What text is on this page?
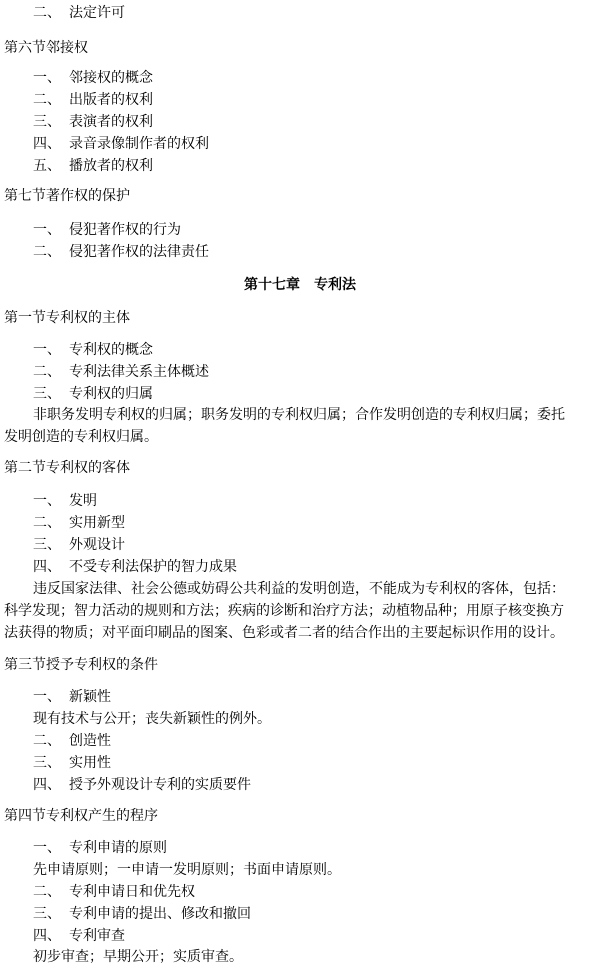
二、 法定许可
第六节邻接权
一、 邻接权的概念
二、 出版者的权利
三、 表演者的权利
四、 录音录像制作者的权利
五、 播放者的权利
第七节著作权的保护
一、 侵犯著作权的行为
二、 侵犯著作权的法律责任
第十七章　专利法
第一节专利权的主体
一、 专利权的概念
二、 专利法律关系主体概述
三、 专利权的归属
非职务发明专利权的归属；职务发明的专利权归属；合作发明创造的专利权归属；委托
发明创造的专利权归属。
第二节专利权的客体
一、 发明
二、 实用新型
三、 外观设计
四、 不受专利法保护的智力成果
违反国家法律、社会公德或妨碍公共利益的发明创造，不能成为专利权的客体，包括：
科学发现；智力活动的规则和方法；疾病的诊断和治疗方法；动植物品种；用原子核变换方
法获得的物质；对平面印刷品的图案、色彩或者二者的结合作出的主要起标识作用的设计。
第三节授予专利权的条件
一、 新颖性
现有技术与公开；丧失新颖性的例外。
二、 创造性
三、 实用性
四、 授予外观设计专利的实质要件
第四节专利权产生的程序
一、 专利申请的原则
先申请原则；一申请一发明原则；书面申请原则。
二、 专利申请日和优先权
三、 专利申请的提出、修改和撤回
四、 专利审查
初步审查；早期公开；实质审查。
